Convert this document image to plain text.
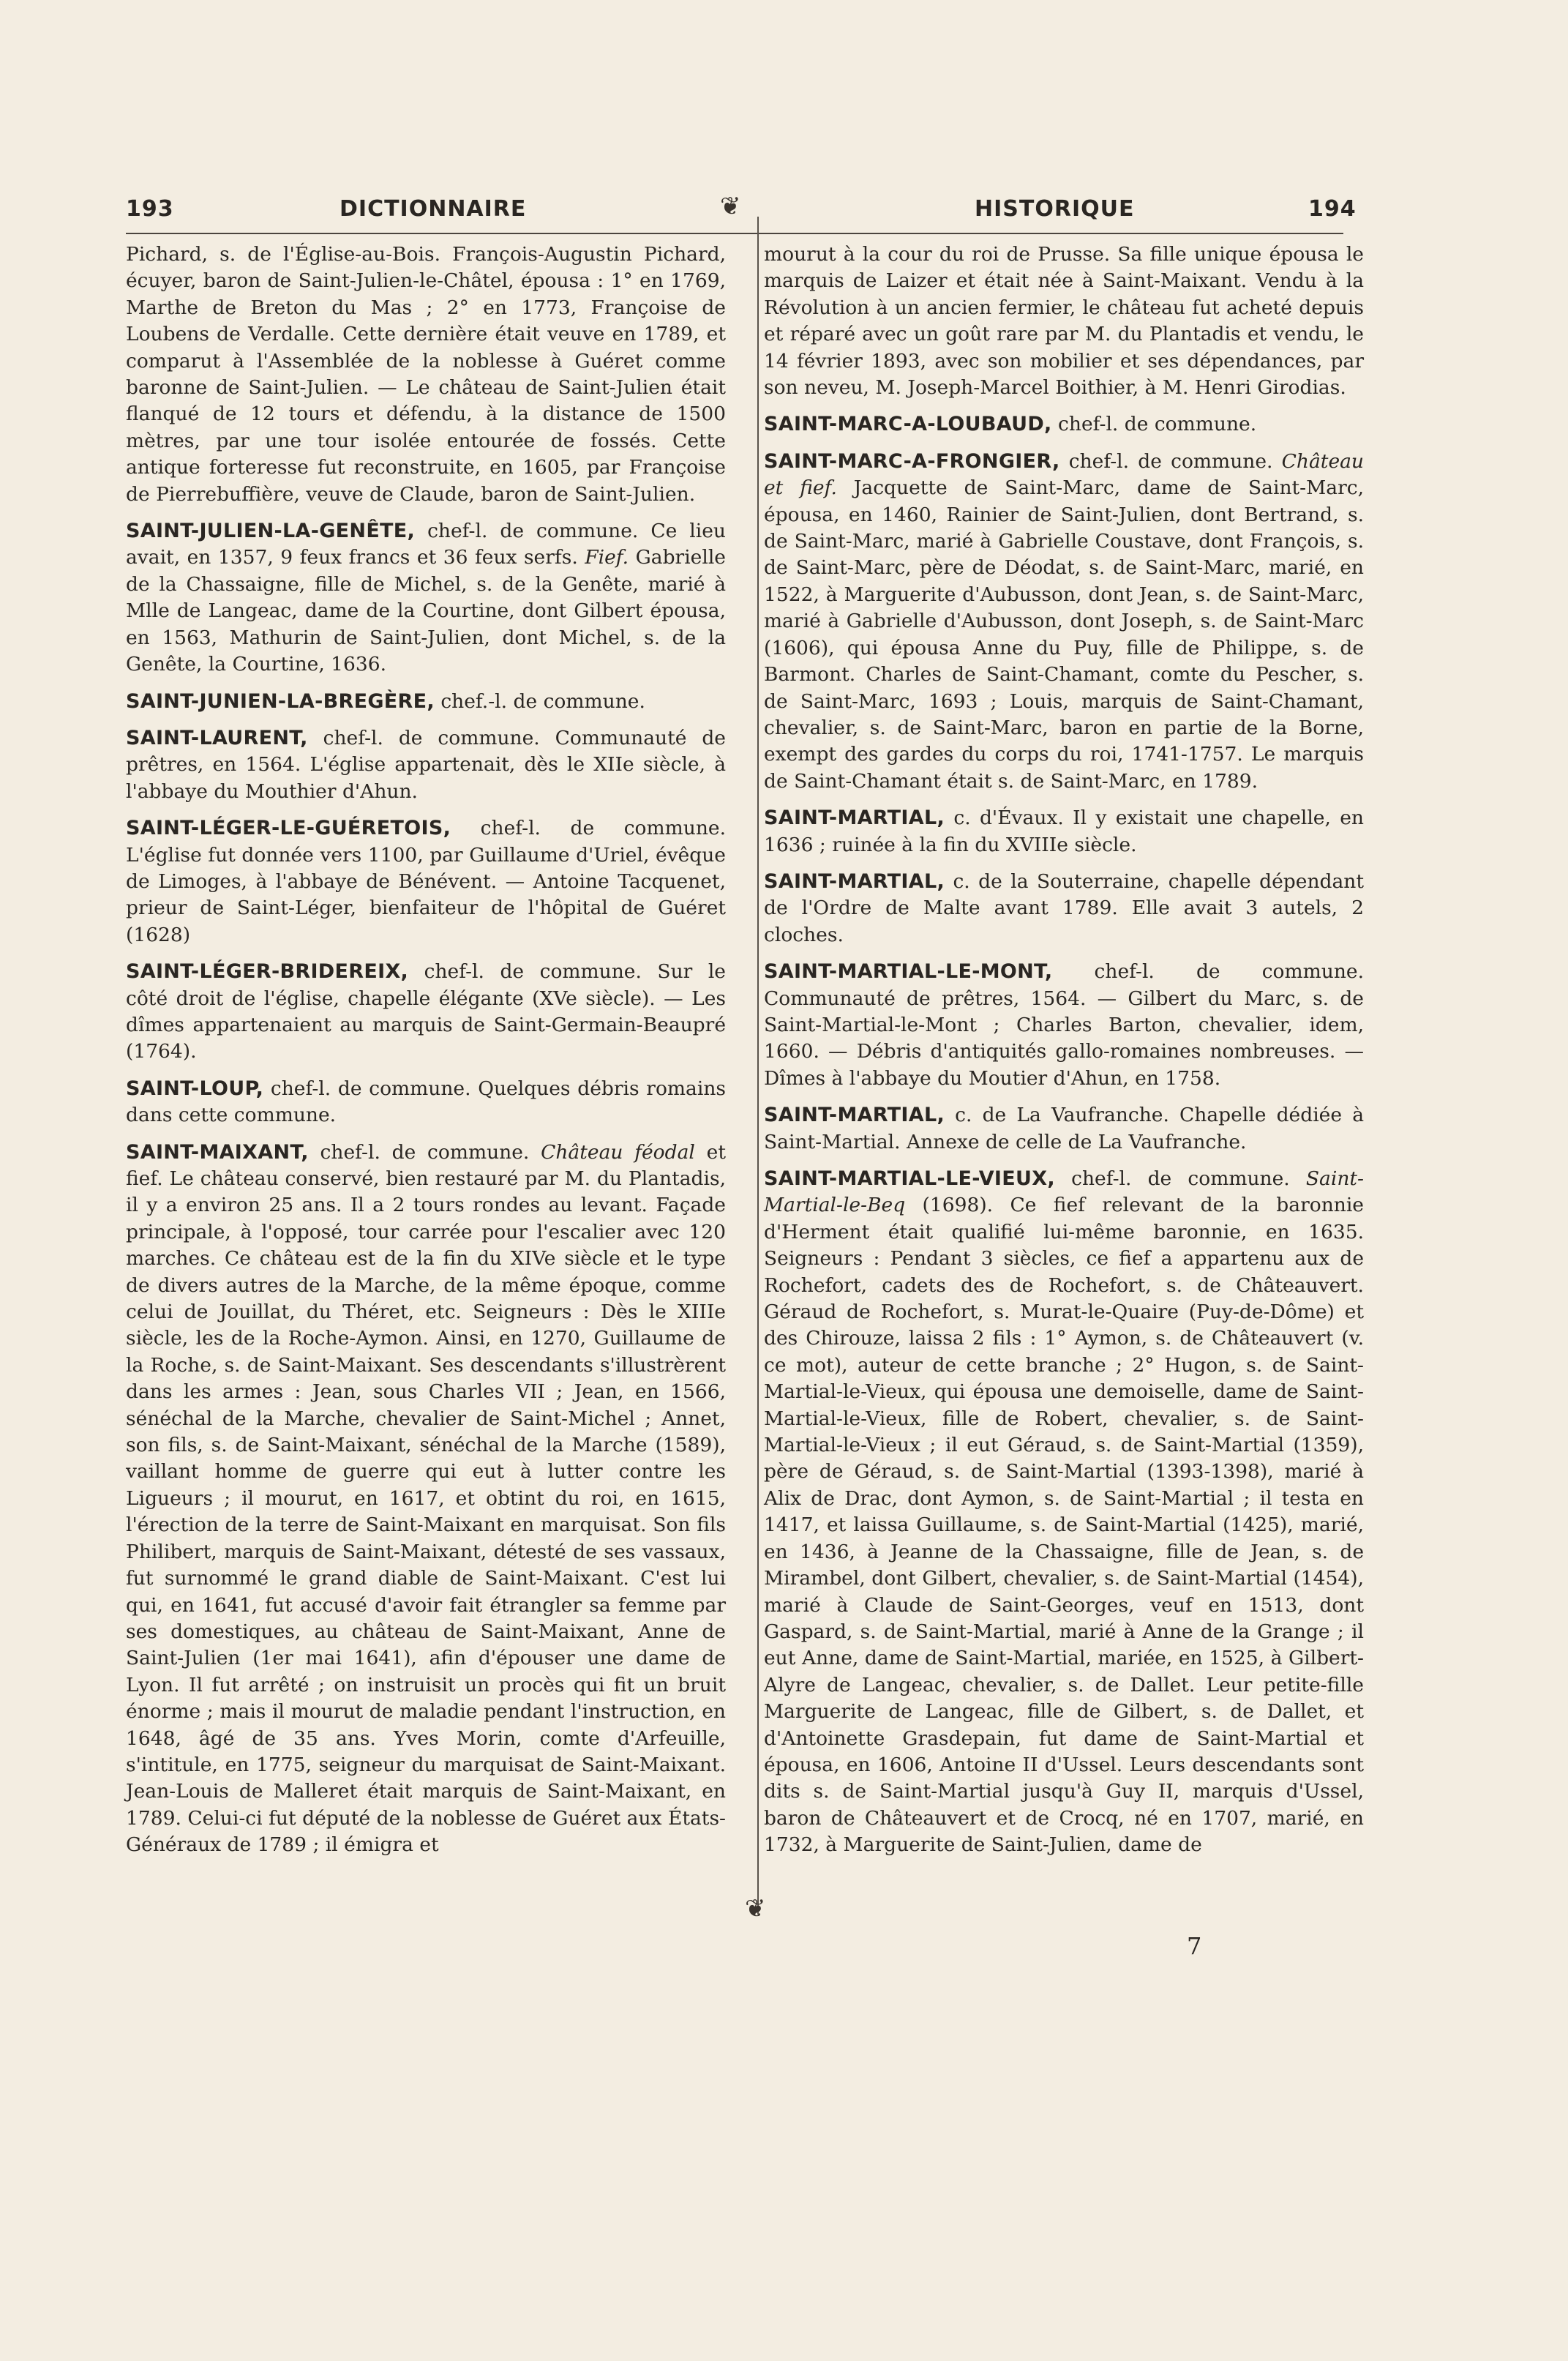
193	DICTIONNAIRE	❦	HISTORIQUE	194
❦

Pichard, s. de l'Église-au-Bois. François-Augustin Pichard, écuyer, baron de Saint-Julien-le-Châtel, épousa : 1° en 1769, Marthe de Breton du Mas ; 2° en 1773, Françoise de Loubens de Verdalle. Cette dernière était veuve en 1789, et comparut à l'Assemblée de la noblesse à Guéret comme baronne de Saint-Julien. — Le château de Saint-Julien était flanqué de 12 tours et défendu, à la distance de 1500 mètres, par une tour isolée entourée de fossés. Cette antique forteresse fut reconstruite, en 1605, par Françoise de Pierrebuffière, veuve de Claude, baron de Saint-Julien.

SAINT-JULIEN-LA-GENÊTE, chef-l. de commune. Ce lieu avait, en 1357, 9 feux francs et 36 feux serfs. Fief. Gabrielle de la Chassaigne, fille de Michel, s. de la Genête, marié à Mlle de Langeac, dame de la Courtine, dont Gilbert épousa, en 1563, Mathurin de Saint-Julien, dont Michel, s. de la Genête, la Courtine, 1636.

SAINT-JUNIEN-LA-BREGÈRE, chef.-l. de commune.

SAINT-LAURENT, chef-l. de commune. Communauté de prêtres, en 1564. L'église appartenait, dès le XIIe siècle, à l'abbaye du Mouthier d'Ahun.

SAINT-LÉGER-LE-GUÉRETOIS, chef-l. de commune. L'église fut donnée vers 1100, par Guillaume d'Uriel, évêque de Limoges, à l'abbaye de Bénévent. — Antoine Tacquenet, prieur de Saint-Léger, bienfaiteur de l'hôpital de Guéret (1628)

SAINT-LÉGER-BRIDEREIX, chef-l. de commune. Sur le côté droit de l'église, chapelle élégante (XVe siècle). — Les dîmes appartenaient au marquis de Saint-Germain-Beaupré (1764).

SAINT-LOUP, chef-l. de commune. Quelques débris romains dans cette commune.

SAINT-MAIXANT, chef-l. de commune. Château féodal et fief. Le château conservé, bien restauré par M. du Plantadis, il y a environ 25 ans. Il a 2 tours rondes au levant. Façade principale, à l'opposé, tour carrée pour l'escalier avec 120 marches. Ce château est de la fin du XIVe siècle et le type de divers autres de la Marche, de la même époque, comme celui de Jouillat, du Théret, etc. Seigneurs : Dès le XIIIe siècle, les de la Roche-Aymon. Ainsi, en 1270, Guillaume de la Roche, s. de Saint-Maixant. Ses descendants s'illustrèrent dans les armes : Jean, sous Charles VII ; Jean, en 1566, sénéchal de la Marche, chevalier de Saint-Michel ; Annet, son fils, s. de Saint-Maixant, sénéchal de la Marche (1589), vaillant homme de guerre qui eut à lutter contre les Ligueurs ; il mourut, en 1617, et obtint du roi, en 1615, l'érection de la terre de Saint-Maixant en marquisat. Son fils Philibert, marquis de Saint-Maixant, détesté de ses vassaux, fut surnommé le grand diable de Saint-Maixant. C'est lui qui, en 1641, fut accusé d'avoir fait étrangler sa femme par ses domestiques, au château de Saint-Maixant, Anne de Saint-Julien (1er mai 1641), afin d'épouser une dame de Lyon. Il fut arrêté ; on instruisit un procès qui fit un bruit énorme ; mais il mourut de maladie pendant l'instruction, en 1648, âgé de 35 ans. Yves Morin, comte d'Arfeuille, s'intitule, en 1775, seigneur du marquisat de Saint-Maixant. Jean-Louis de Malleret était marquis de Saint-Maixant, en 1789. Celui-ci fut député de la noblesse de Guéret aux États-Généraux de 1789 ; il émigra et

mourut à la cour du roi de Prusse. Sa fille unique épousa le marquis de Laizer et était née à Saint-Maixant. Vendu à la Révolution à un ancien fermier, le château fut acheté depuis et réparé avec un goût rare par M. du Plantadis et vendu, le 14 février 1893, avec son mobilier et ses dépendances, par son neveu, M. Joseph-Marcel Boithier, à M. Henri Girodias.

SAINT-MARC-A-LOUBAUD, chef-l. de commune.

SAINT-MARC-A-FRONGIER, chef-l. de commune. Château et fief. Jacquette de Saint-Marc, dame de Saint-Marc, épousa, en 1460, Rainier de Saint-Julien, dont Bertrand, s. de Saint-Marc, marié à Gabrielle Coustave, dont François, s. de Saint-Marc, père de Déodat, s. de Saint-Marc, marié, en 1522, à Marguerite d'Aubusson, dont Jean, s. de Saint-Marc, marié à Gabrielle d'Aubusson, dont Joseph, s. de Saint-Marc (1606), qui épousa Anne du Puy, fille de Philippe, s. de Barmont. Charles de Saint-Chamant, comte du Pescher, s. de Saint-Marc, 1693 ; Louis, marquis de Saint-Chamant, chevalier, s. de Saint-Marc, baron en partie de la Borne, exempt des gardes du corps du roi, 1741-1757. Le marquis de Saint-Chamant était s. de Saint-Marc, en 1789.

SAINT-MARTIAL, c. d'Évaux. Il y existait une chapelle, en 1636 ; ruinée à la fin du XVIIIe siècle.

SAINT-MARTIAL, c. de la Souterraine, chapelle dépendant de l'Ordre de Malte avant 1789. Elle avait 3 autels, 2 cloches.

SAINT-MARTIAL-LE-MONT, chef-l. de commune. Communauté de prêtres, 1564. — Gilbert du Marc, s. de Saint-Martial-le-Mont ; Charles Barton, chevalier, idem, 1660. — Débris d'antiquités gallo-romaines nombreuses. — Dîmes à l'abbaye du Moutier d'Ahun, en 1758.

SAINT-MARTIAL, c. de La Vaufranche. Chapelle dédiée à Saint-Martial. Annexe de celle de La Vaufranche.

SAINT-MARTIAL-LE-VIEUX, chef-l. de commune. Saint-Martial-le-Beq (1698). Ce fief relevant de la baronnie d'Herment était qualifié lui-même baronnie, en 1635. Seigneurs : Pendant 3 siècles, ce fief a appartenu aux de Rochefort, cadets des de Rochefort, s. de Châteauvert. Géraud de Rochefort, s. Murat-le-Quaire (Puy-de-Dôme) et des Chirouze, laissa 2 fils : 1° Aymon, s. de Châteauvert (v. ce mot), auteur de cette branche ; 2° Hugon, s. de Saint-Martial-le-Vieux, qui épousa une demoiselle, dame de Saint-Martial-le-Vieux, fille de Robert, chevalier, s. de Saint-Martial-le-Vieux ; il eut Géraud, s. de Saint-Martial (1359), père de Géraud, s. de Saint-Martial (1393-1398), marié à Alix de Drac, dont Aymon, s. de Saint-Martial ; il testa en 1417, et laissa Guillaume, s. de Saint-Martial (1425), marié, en 1436, à Jeanne de la Chassaigne, fille de Jean, s. de Mirambel, dont Gilbert, chevalier, s. de Saint-Martial (1454), marié à Claude de Saint-Georges, veuf en 1513, dont Gaspard, s. de Saint-Martial, marié à Anne de la Grange ; il eut Anne, dame de Saint-Martial, mariée, en 1525, à Gilbert-Alyre de Langeac, chevalier, s. de Dallet. Leur petite-fille Marguerite de Langeac, fille de Gilbert, s. de Dallet, et d'Antoinette Grasdepain, fut dame de Saint-Martial et épousa, en 1606, Antoine II d'Ussel. Leurs descendants sont dits s. de Saint-Martial jusqu'à Guy II, marquis d'Ussel, baron de Châteauvert et de Crocq, né en 1707, marié, en 1732, à Marguerite de Saint-Julien, dame de

7
